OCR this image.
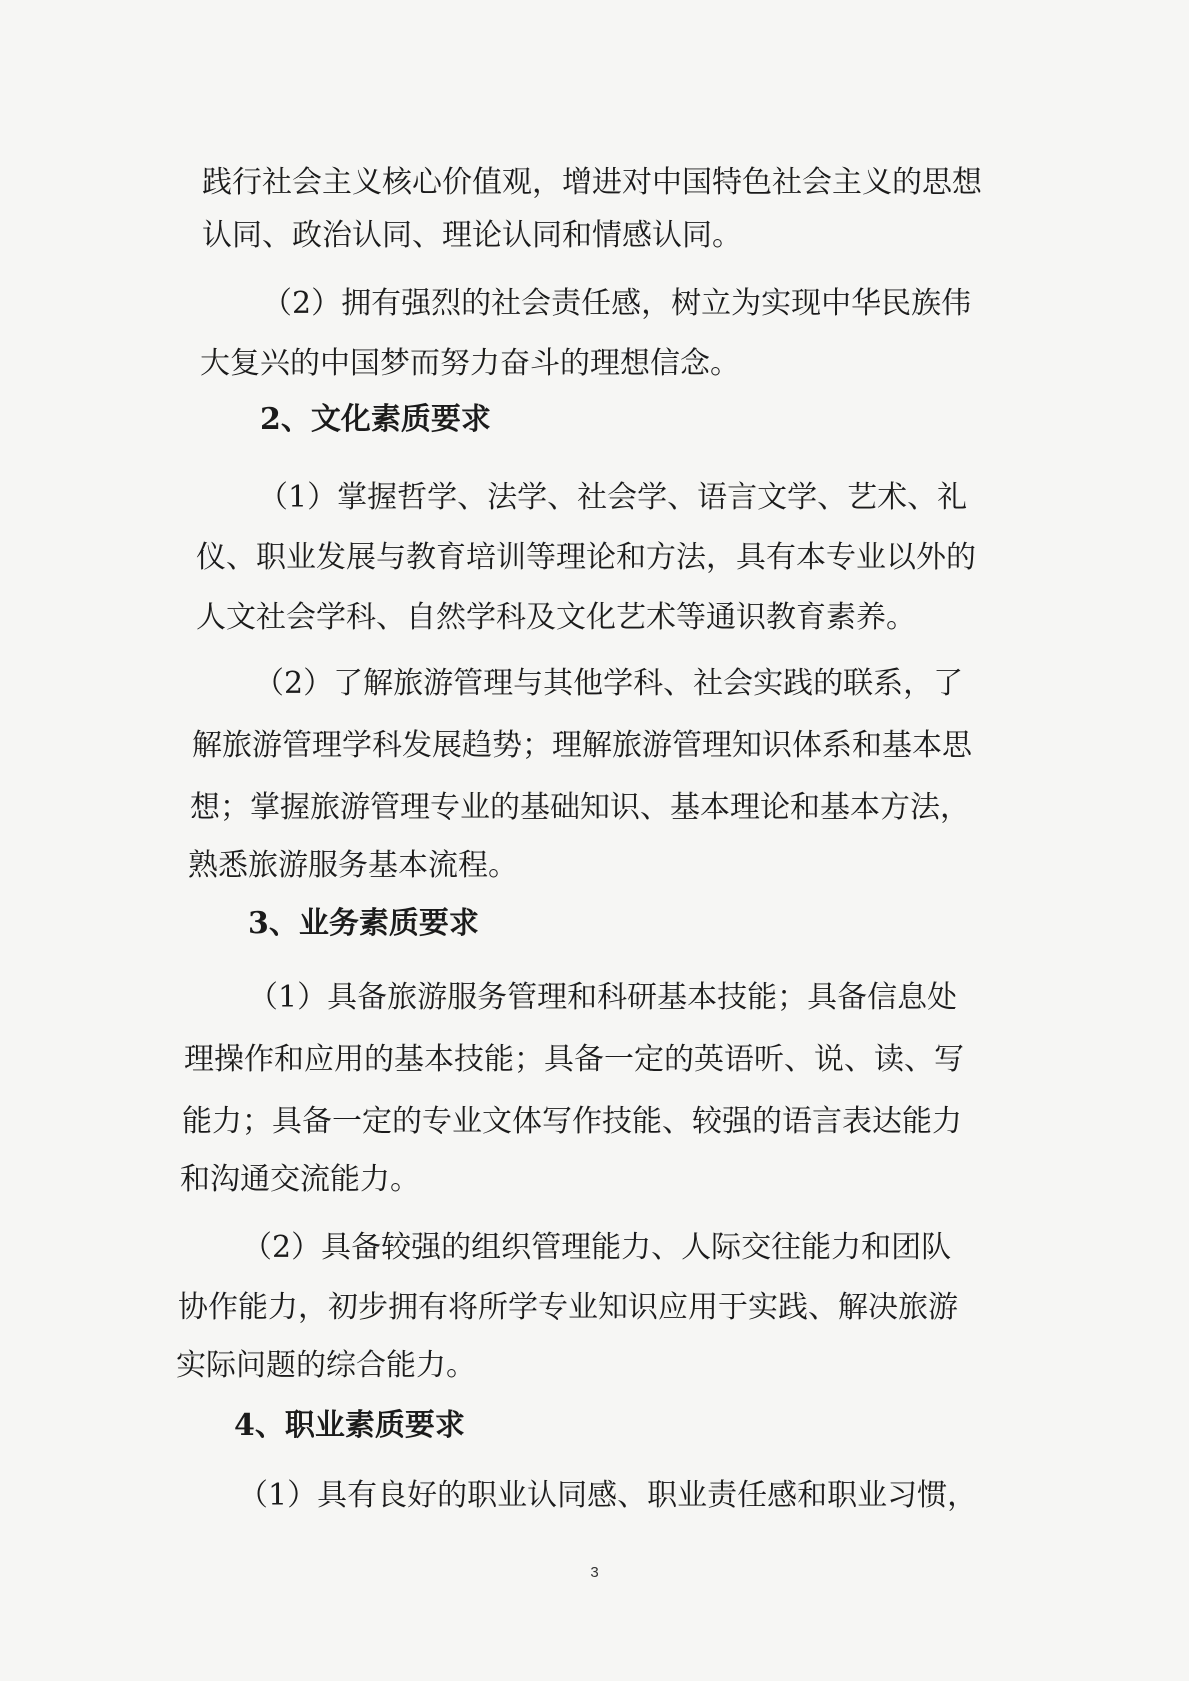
践行社会主义核心价值观，增进对中国特色社会主义的思想
认同、政治认同、理论认同和情感认同。
（2）拥有强烈的社会责任感，树立为实现中华民族伟
大复兴的中国梦而努力奋斗的理想信念。
2、文化素质要求
（1）掌握哲学、法学、社会学、语言文学、艺术、礼
仪、职业发展与教育培训等理论和方法，具有本专业以外的
人文社会学科、自然学科及文化艺术等通识教育素养。
（2）了解旅游管理与其他学科、社会实践的联系，了
解旅游管理学科发展趋势；理解旅游管理知识体系和基本思
想；掌握旅游管理专业的基础知识、基本理论和基本方法，
熟悉旅游服务基本流程。
3、业务素质要求
（1）具备旅游服务管理和科研基本技能；具备信息处
理操作和应用的基本技能；具备一定的英语听、说、读、写
能力；具备一定的专业文体写作技能、较强的语言表达能力
和沟通交流能力。
（2）具备较强的组织管理能力、人际交往能力和团队
协作能力，初步拥有将所学专业知识应用于实践、解决旅游
实际问题的综合能力。
4、职业素质要求
（1）具有良好的职业认同感、职业责任感和职业习惯，
3
